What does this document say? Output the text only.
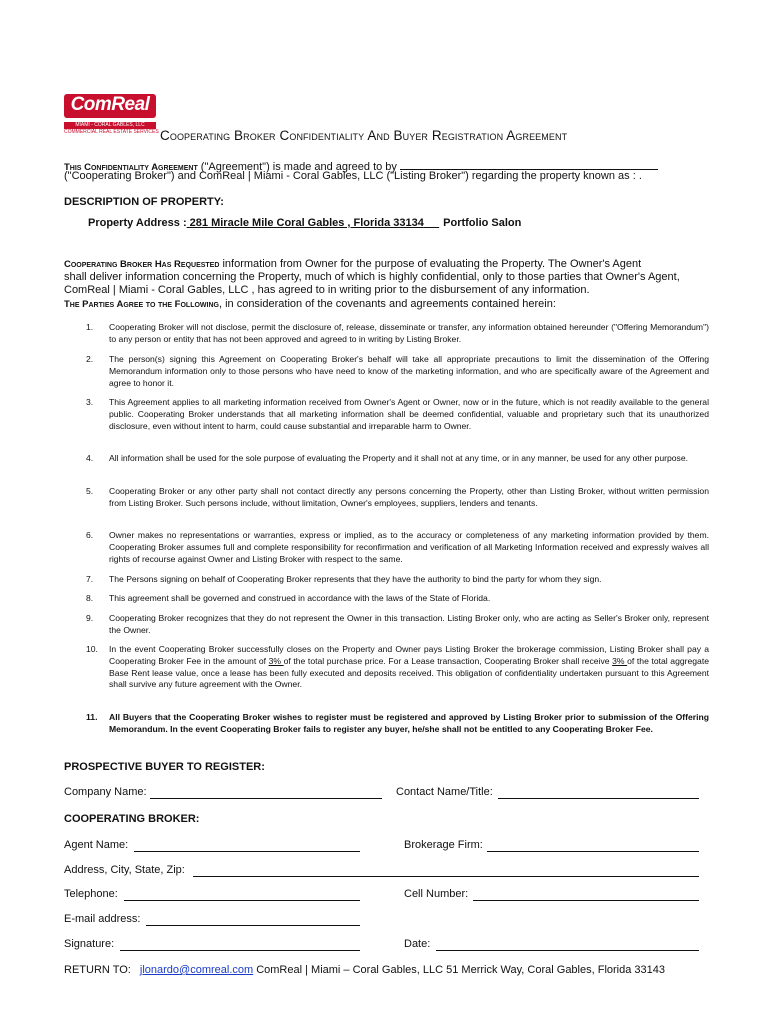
ComReal
MIAMI - CORAL GABLES, LLC
COMMERCIAL REAL ESTATE SERVICES Cooperating Broker Confidentiality And Buyer Registration Agreement
This Confidentiality Agreement ("Agreement") is made and agreed to by
("Cooperating Broker") and ComReal | Miami - Coral Gables, LLC ("Listing Broker") regarding the property known as : .
DESCRIPTION OF PROPERTY:
Property Address : 281 Miracle Mile Coral Gables , Florida 33134 Portfolio Salon
Cooperating Broker Has Requested information from Owner for the purpose of evaluating the Property. The Owner's Agent
shall deliver information concerning the Property, much of which is highly confidential, only to those parties that Owner's Agent,
ComReal | Miami - Coral Gables, LLC , has agreed to in writing prior to the disbursement of any information.
The Parties Agree to the Following, in consideration of the covenants and agreements contained herein:
1.	Cooperating Broker will not disclose, permit the disclosure of, release, disseminate or transfer, any information obtained hereunder ("Offering Memorandum") to any person or entity that has not been approved and agreed to in writing by Listing Broker.
2.	The person(s) signing this Agreement on Cooperating Broker's behalf will take all appropriate precautions to limit the dissemination of the Offering Memorandum information only to those persons who have need to know of the marketing information, and who are specifically aware of the Agreement and agree to honor it.
3.	This Agreement applies to all marketing information received from Owner's Agent or Owner, now or in the future, which is not readily available to the general public. Cooperating Broker understands that all marketing information shall be deemed confidential, valuable and proprietary such that its unauthorized disclosure, even without intent to harm, could cause substantial and irreparable harm to Owner.
4.	All information shall be used for the sole purpose of evaluating the Property and it shall not at any time, or in any manner, be used for any other purpose.
5.	Cooperating Broker or any other party shall not contact directly any persons concerning the Property, other than Listing Broker, without written permission from Listing Broker. Such persons include, without limitation, Owner's employees, suppliers, lenders and tenants.
6.	Owner makes no representations or warranties, express or implied, as to the accuracy or completeness of any marketing information provided by them. Cooperating Broker assumes full and complete responsibility for reconfirmation and verification of all Marketing Information received and expressly waives all rights of recourse against Owner and Listing Broker with respect to the same.
7.	The Persons signing on behalf of Cooperating Broker represents that they have the authority to bind the party for whom they sign.
8.	This agreement shall be governed and construed in accordance with the laws of the State of Florida.
9.	Cooperating Broker recognizes that they do not represent the Owner in this transaction. Listing Broker only, who are acting as Seller's Broker only, represent the Owner.
10.	In the event Cooperating Broker successfully closes on the Property and Owner pays Listing Broker the brokerage commission, Listing Broker shall pay a Cooperating Broker Fee in the amount of 3% of the total purchase price. For a Lease transaction, Cooperating Broker shall receive 3% of the total aggregate Base Rent lease value, once a lease has been fully executed and deposits received. This obligation of confidentiality undertaken pursuant to this Agreement shall survive any future agreement with the Owner.
11.	All Buyers that the Cooperating Broker wishes to register must be registered and approved by Listing Broker prior to submission of the Offering Memorandum. In the event Cooperating Broker fails to register any buyer, he/she shall not be entitled to any Cooperating Broker Fee.
PROSPECTIVE BUYER TO REGISTER:
Company Name:	Contact Name/Title:
COOPERATING BROKER:
Agent Name:	Brokerage Firm:
Address, City, State, Zip:
Telephone:	Cell Number:
E-mail address:
Signature:	Date:
RETURN TO: jlonardo@comreal.com ComReal | Miami – Coral Gables, LLC 51 Merrick Way, Coral Gables, Florida 33143
